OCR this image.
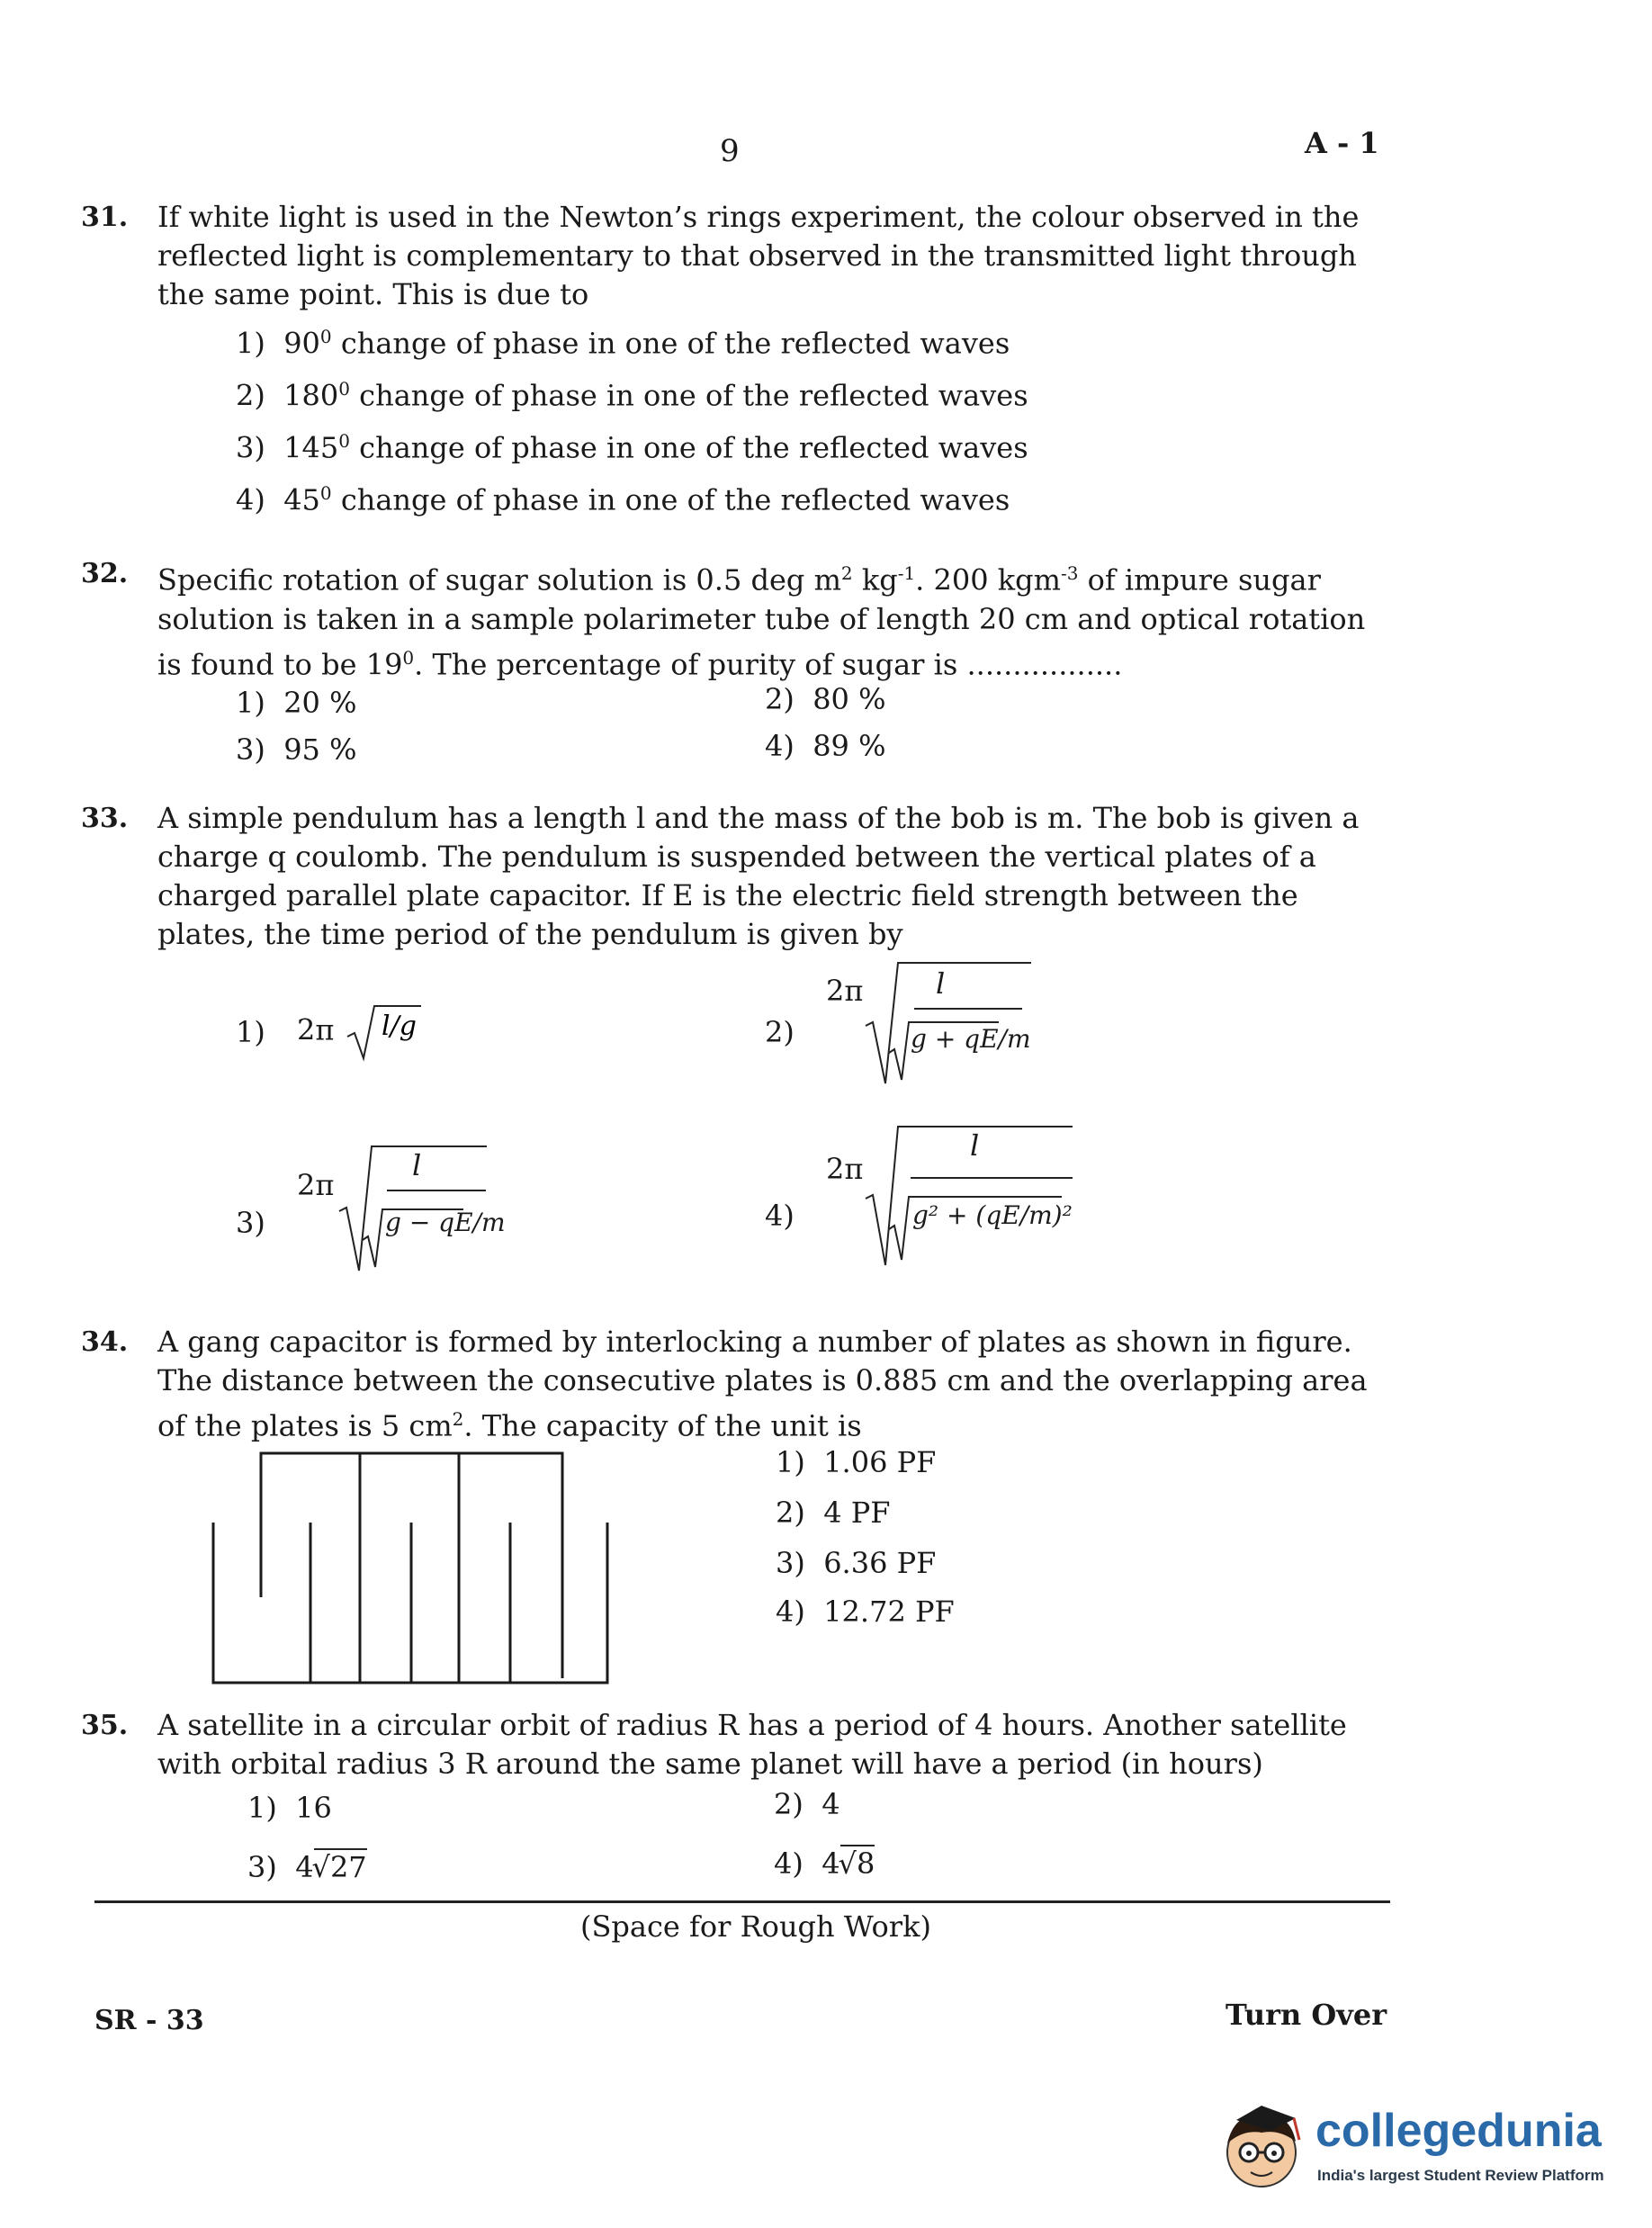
9	A - 1
31. If white light is used in the Newton’s rings experiment, the colour observed in the reflected light is complementary to that observed in the transmitted light through the same point. This is due to
1) $90^0$ change of phase in one of the reflected waves
2) $180^0$ change of phase in one of the reflected waves
3) $145^0$ change of phase in one of the reflected waves
4) $45^0$ change of phase in one of the reflected waves
32. Specific rotation of sugar solution is 0.5 deg $m^2$ $kg^{-1}$. 200 kgm$^{-3}$ of impure sugar solution is taken in a sample polarimeter tube of length 20 cm and optical rotation is found to be $19^0$. The percentage of purity of sugar is .................
1) 20 %	2) 80 %
3) 95 %	4) 89 %
33. A simple pendulum has a length l and the mass of the bob is m. The bob is given a charge q coulomb. The pendulum is suspended between the vertical plates of a charged parallel plate capacitor. If E is the electric field strength between the plates, the time period of the pendulum is given by
1) 2π l/g	2)
2π	l
g + qE/m
3)
2π
l
g − qE/m	4)
2π
l
g² + (qE/m)²
34. A gang capacitor is formed by interlocking a number of plates as shown in figure. The distance between the consecutive plates is 0.885 cm and the overlapping area of the plates is 5 $cm^2$. The capacity of the unit is
1) 1.06 PF
2) 4 PF
3) 6.36 PF
4) 12.72 PF
35. A satellite in a circular orbit of radius R has a period of 4 hours. Another satellite with orbital radius 3 R around the same planet will have a period (in hours)
1) 16	2) 4
3) 4√27	4) 4√8
(Space for Rough Work)
SR - 33	Turn Over
collegedunia
India's largest Student Review Platform
